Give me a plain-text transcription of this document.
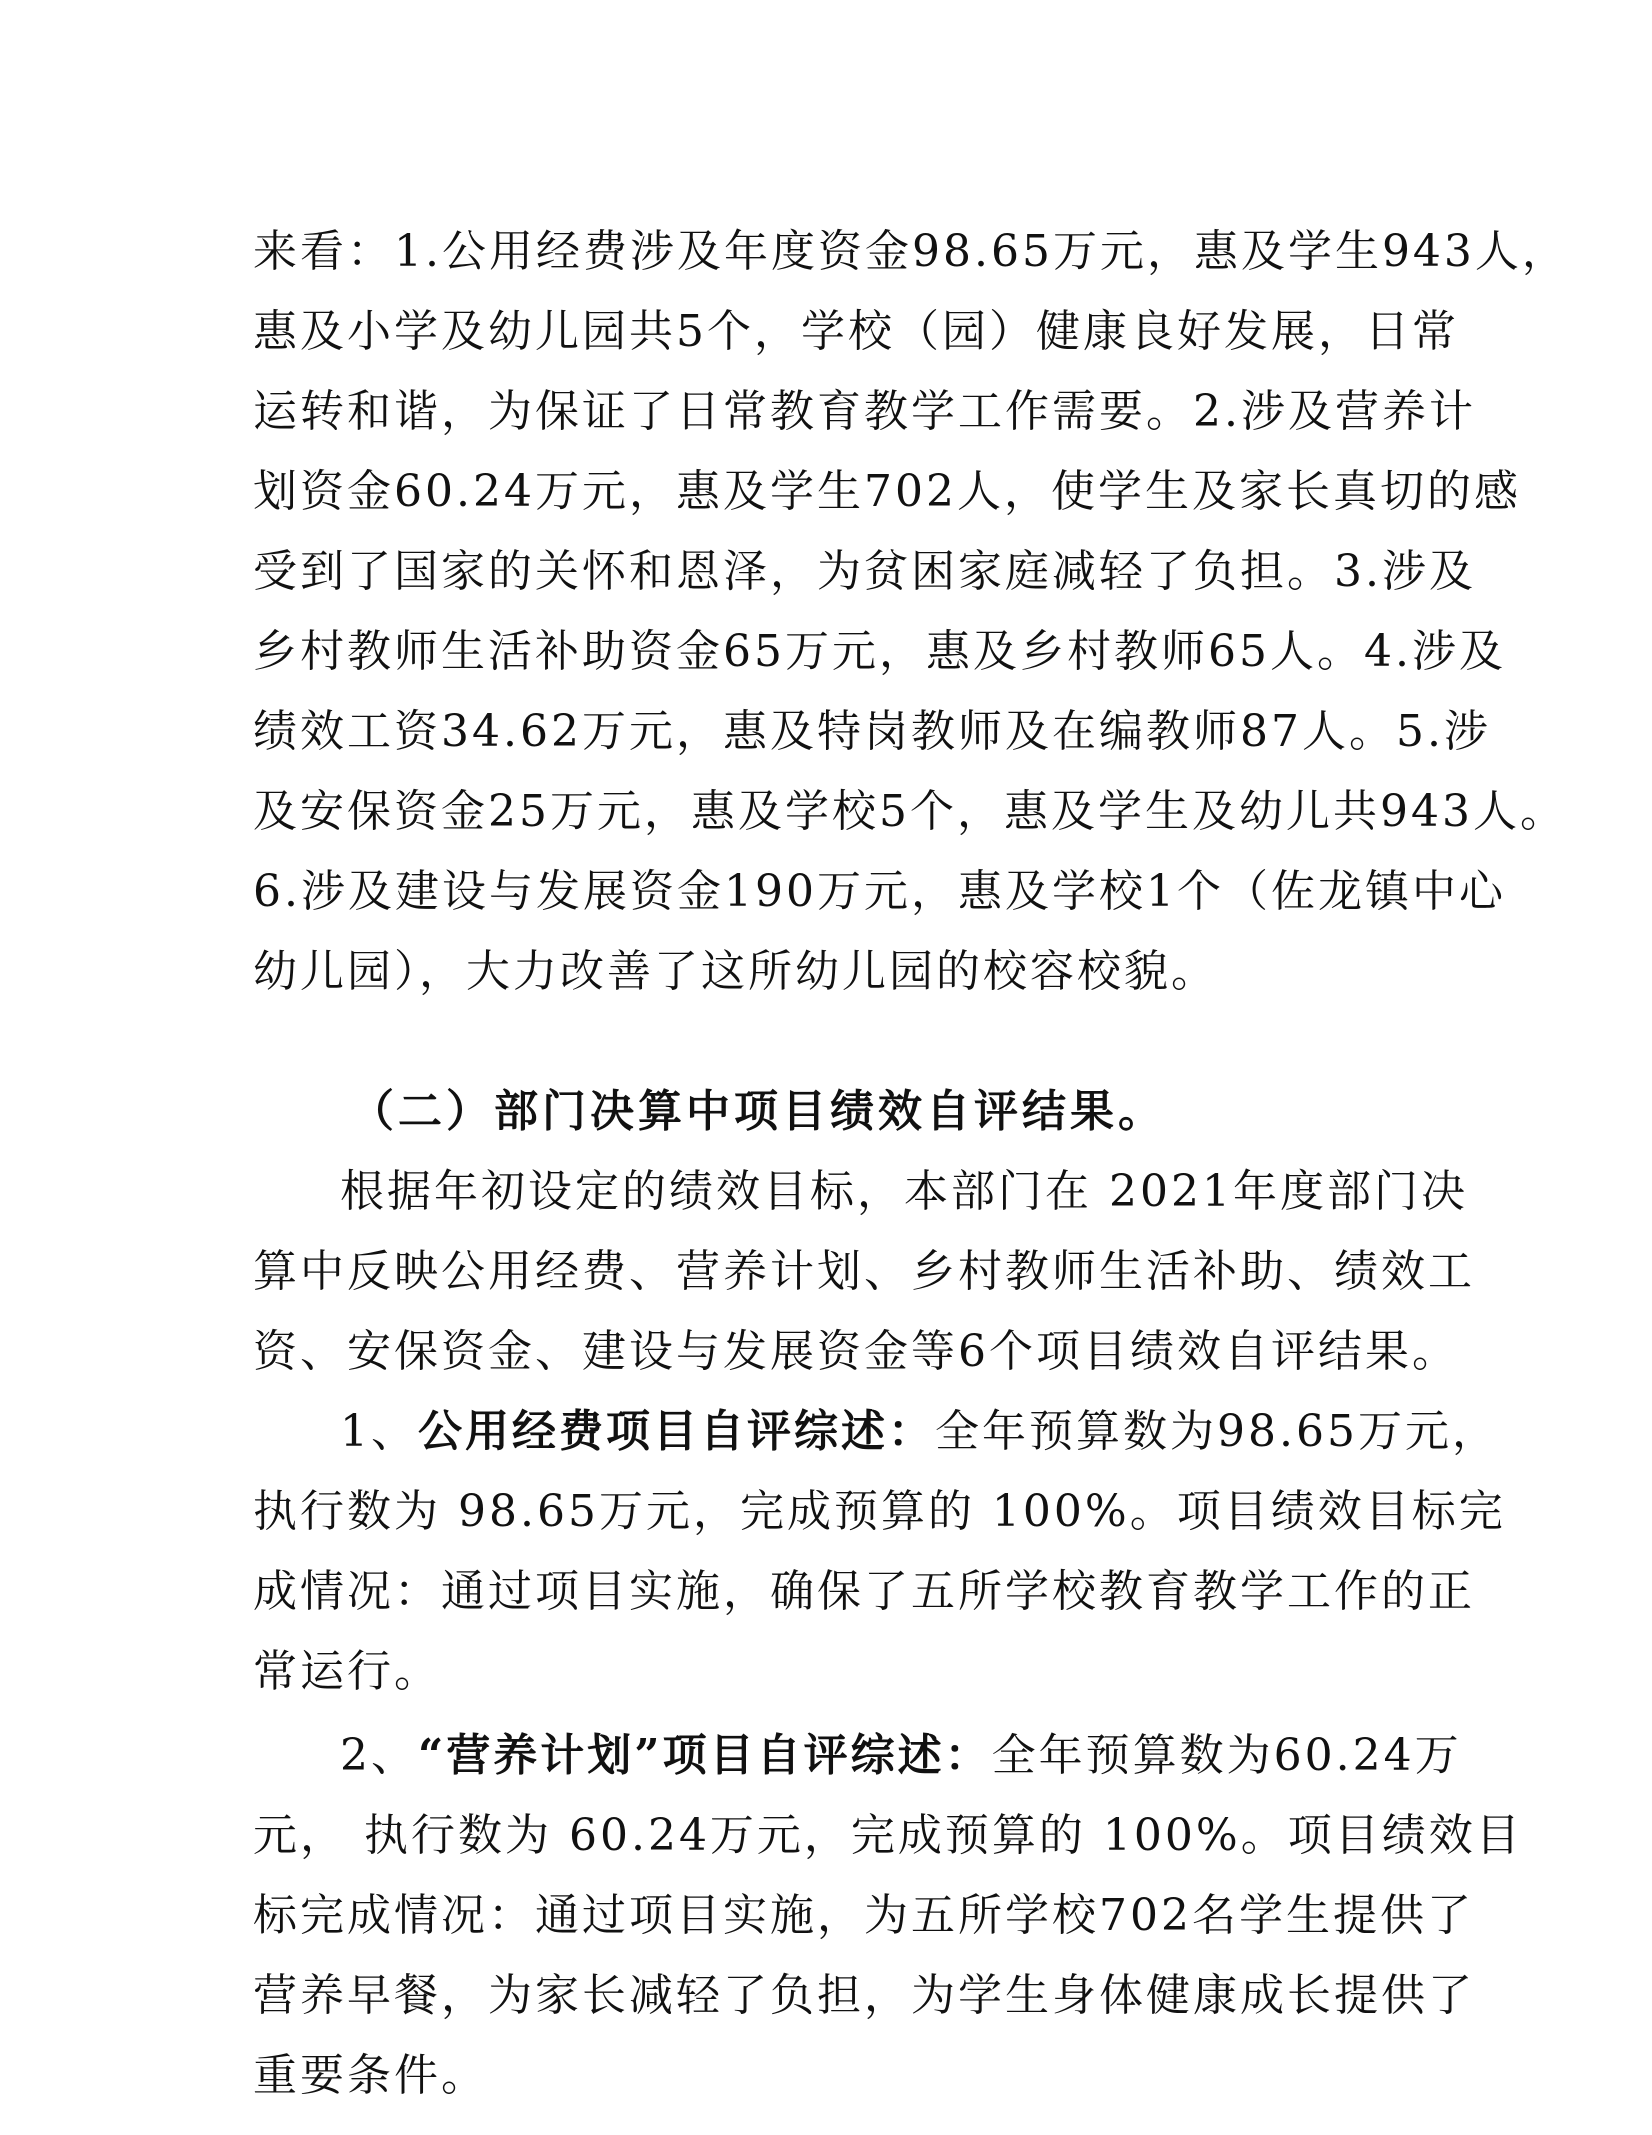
来看：1.公用经费涉及年度资金98.65万元，惠及学生943人，
惠及小学及幼儿园共5个，学校（园）健康良好发展，日常
运转和谐，为保证了日常教育教学工作需要。2.涉及营养计
划资金60.24万元，惠及学生702人，使学生及家长真切的感
受到了国家的关怀和恩泽，为贫困家庭减轻了负担。3.涉及
乡村教师生活补助资金65万元，惠及乡村教师65人。4.涉及
绩效工资34.62万元，惠及特岗教师及在编教师87人。5.涉
及安保资金25万元，惠及学校5个，惠及学生及幼儿共943人。
6.涉及建设与发展资金190万元，惠及学校1个（佐龙镇中心
幼儿园），大力改善了这所幼儿园的校容校貌。
（二）部门决算中项目绩效自评结果。
根据年初设定的绩效目标，本部门在 2021年度部门决
算中反映公用经费、营养计划、乡村教师生活补助、绩效工
资、安保资金、建设与发展资金等6个项目绩效自评结果。
1、公用经费项目自评综述：全年预算数为98.65万元，
执行数为 98.65万元，完成预算的 100%。项目绩效目标完
成情况：通过项目实施，确保了五所学校教育教学工作的正
常运行。
2、“营养计划”项目自评综述：全年预算数为60.24万
元， 执行数为 60.24万元，完成预算的 100%。项目绩效目
标完成情况：通过项目实施，为五所学校702名学生提供了
营养早餐，为家长减轻了负担，为学生身体健康成长提供了
重要条件。
